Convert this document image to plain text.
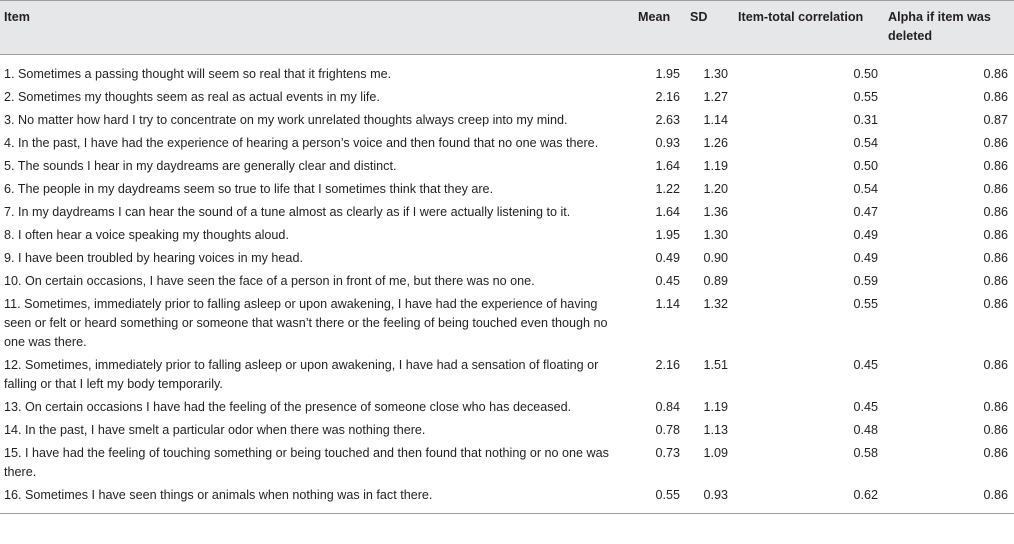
Item	Mean	SD	Item-total correlation	Alpha if item was deleted
1. Sometimes a passing thought will seem so real that it frightens me.	1.95	1.30	0.50	0.86
2. Sometimes my thoughts seem as real as actual events in my life.	2.16	1.27	0.55	0.86
3. No matter how hard I try to concentrate on my work unrelated thoughts always creep into my mind.	2.63	1.14	0.31	0.87
4. In the past, I have had the experience of hearing a person’s voice and then found that no one was there.	0.93	1.26	0.54	0.86
5. The sounds I hear in my daydreams are generally clear and distinct.	1.64	1.19	0.50	0.86
6. The people in my daydreams seem so true to life that I sometimes think that they are.	1.22	1.20	0.54	0.86
7. In my daydreams I can hear the sound of a tune almost as clearly as if I were actually listening to it.	1.64	1.36	0.47	0.86
8. I often hear a voice speaking my thoughts aloud.	1.95	1.30	0.49	0.86
9. I have been troubled by hearing voices in my head.	0.49	0.90	0.49	0.86
10. On certain occasions, I have seen the face of a person in front of me, but there was no one.	0.45	0.89	0.59	0.86
11. Sometimes, immediately prior to falling asleep or upon awakening, I have had the experience of having seen or felt or heard something or someone that wasn’t there or the feeling of being touched even though no one was there.	1.14	1.32	0.55	0.86
12. Sometimes, immediately prior to falling asleep or upon awakening, I have had a sensation of floating or falling or that I left my body temporarily.	2.16	1.51	0.45	0.86
13. On certain occasions I have had the feeling of the presence of someone close who has deceased.	0.84	1.19	0.45	0.86
14. In the past, I have smelt a particular odor when there was nothing there.	0.78	1.13	0.48	0.86
15. I have had the feeling of touching something or being touched and then found that nothing or no one was there.	0.73	1.09	0.58	0.86
16. Sometimes I have seen things or animals when nothing was in fact there.	0.55	0.93	0.62	0.86
